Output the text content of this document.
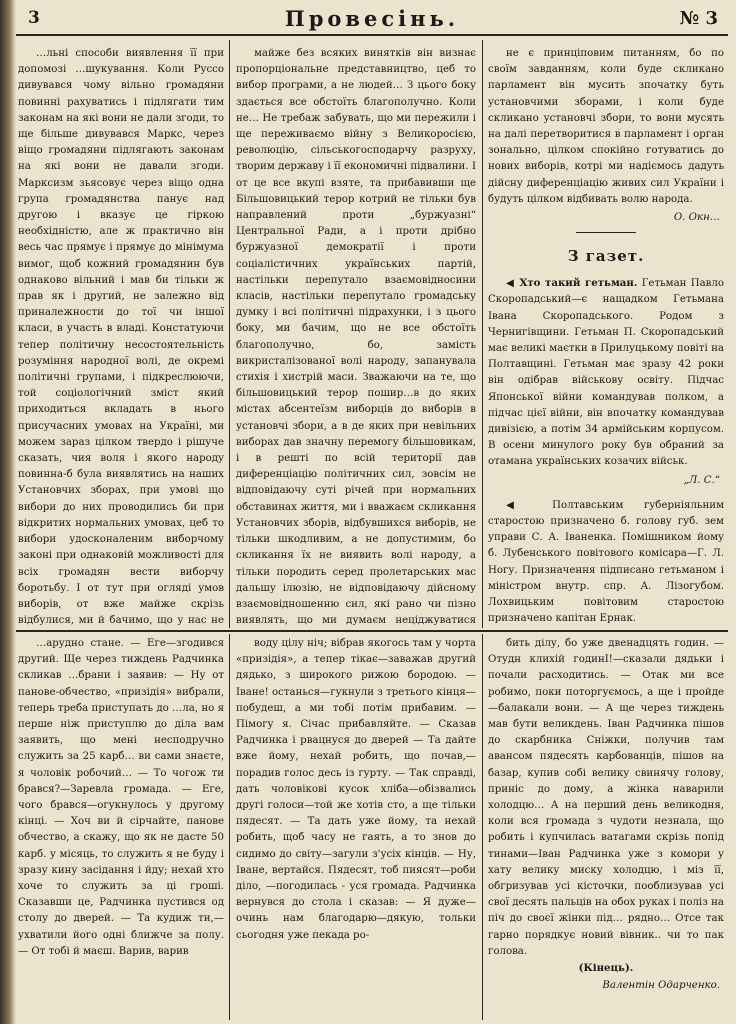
3	Провесінь.	№ 3

…льні способи виявлення її при допомозі …шукування. Коли Руссо дивувався чому вільно громадяни повинні рахуватись і підлягати тим законам на які вони не дали згоди, то ще більше дивувався Маркс, через віщо громадяни підлягають законам на які вони не давали згоди. Марксизм зьясовує через віщо одна група громадянства панує над другою і вказує це гіркою необхідністю, але ж практично він весь час прямує і прямує до мінімума вимог, щоб кожний громадянин був однаково вільний і мав би тільки ж прав як і другий, не залежно від приналежности до тої чи іншої класи, в участь в владі. Констатуючи тепер політичну несостоятельність розуміння народної волі, де окремі політичні групами, і підкреслюючи, той соціологічний зміст який приходиться вкладать в нього присучасних умовах на Україні, ми можем зараз цілком твердо і рішуче сказать, чия воля і якого народу повинна-б була виявлятись на наших Установчих зборах, при умові що вибори до них проводились би при відкритих нормальних умовах, цеб то вибори удосконаленим виборчому законі при однаковій можливості для всіх громадян вести виборчу боротьбу. І от тут при огляді умов виборів, от вже майже скрізь відбулися, ми й бачимо, що у нас не

майже без всяких винятків він визнає пропорціональне представництво, цеб то вибор програми, а не людей… З цього боку здається все обстоїть благополучно. Коли не… Не требаж забувать, що ми пережили і ще переживаємо війну з Великоросією, революцію, сільськогосподарчу разруху, творим державу і її економичні підвалини. І от це все вкупі взяте, та прибавивши ще Більшовицький терор котрий не тільки був направлений проти „буржуазні“ Центральної Ради, а і проти дрібно буржуазної демократії і проти соціалістичних українських партій, настільки перепутало взаємовідносини класів, настільки перепутало громадську думку і всі політичні підрахунки, і з цього боку, ми бачим, що не все обстоїть благополучно, бо, замість викристалізованої волі народу, запанувала стихія і хистрій маси. Зважаючи на те, що більшовицький терор пошир…в до яких містах абсентеїзм виборців до виборів в установчі збори, а в де яких при невільних виборах дав значну перемогу більшовикам, і в решті по всій території дав диференціацію політичних сил, зовсім не відповідаючу суті річей при нормальних обставинах життя, ми і вважаєм скликання Установчих зборів, відбувшихся виборів, не тільки шкодливим, а не допустимим, бо скликання їх не виявить волі народу, а тільки породить серед пролетарських мас дальшу ілюзію, не відповідаючу дійсному взаємовідношенню сил, які рано чи пізно виявлять, що ми думаєм неціджуватися

не є принціповим питанням, бо по своїм завданням, коли буде скликано парламент він мусить зпочатку буть установчими зборами, і коли буде скликано установчі збори, то вони мусять на далі перетворитися в парламент і орган зонально, цілком спокійно готуватись до нових виборів, котрі ми надіємось дадуть дійсну диференціацію живих сил України і будуть цілком відбивать волю народа.

О. Окн…
З газет.

◀ Хто такий гетьман. Гетьман Павло Скоропадський—є нащадком Гетьмана Івана Скоропадського. Родом з Чернигівщини. Гетьман П. Скоропадський має великі маєтки в Прилуцькому повіті на Полтавщині. Гетьман має зразу 42 роки він одібрав військову освіту. Підчас Японської війни командував полком, а підчас цієї війни, він впочатку командував дивізією, а потім 34 армійським корпусом. В осени минулого року був обраний за отамана українських козачих військ.

„Л. С.“

◀ Полтавським губерніяльним старостою призначено б. голову губ. зем управи С. А. Іваненка. Помішником йому б. Лубенського повітового комісара—Г. Л. Ногу. Призначення підписано гетьманом і міністром внутр. спр. А. Лізогубом. Лохвицьким повітовим старостою призначено капітан Ернак.

…арудно стане. — Еге—згодився другий. Ще через тиждень Радчинка скликав …брани і заявив: — Ну от панове-обчество, «призідія» вибрали, теперь треба приступать до …ла, но я перше ніж приступлю до діла вам заявить, що мені несподручно служить за 25 карб… ви сами знаєте, я чоловік робочий… — То чогож ти брався?—Заревла громада. — Еге, чого брався—огукнулось у другому кінці. — Хоч ви й сірчайте, панове обчество, а скажу, що як не дасте 50 карб. у місяць, то служить я не буду і зразу кину засідання і йду; нехай хто хоче то служить за ці гроші. Сказавши це, Радчинка пустився од столу до дверей. — Та кудиж ти,—ухватили його одні ближче за полу. — От тобі й маєш. Варив, варив

воду цілу ніч; вібрав якогось там у чорта «призідія», а тепер тікає—заважав другий дядько, з широкого рижою бородою. — Іване! останься—гукнули з третього кінця—побудеш, а ми тобі потім прибавим. — Пімогу я. Січас прибавляйте. — Сказав Радчинка і рвацнуся до дверей — Та дайте вже йому, нехай робить, що почав,—порадив голос десь із гурту. — Так справді, дать чоловікові кусок хліба—обізвались другі голоси—той же хотів сто, а ще тільки пядесят. — Та дать уже йому, та нехай робить, щоб часу не гаять, а то знов до сидимо до світу—загули з'усіх кінців. — Ну, Іване, вертайся. Пядесят, тоб пиясят—роби діло, —погодилась - уся громада. Радчинка вернувся до стола і сказав: — Я дуже—очинь нам благодарю—дякую, тольки сьогодня уже пекада ро-

бить ділу, бо уже двенадцять годин. — Отудн клихій годинІ!—сказали дядьки і почали расходитись. — Отак ми все робимо, поки поторгуємось, а ще і пройде—балакали вони. — А ще через тиждень мав бути великдень. Іван Радчинка пішов до скарбника Сніжки, получив там авансом пядесять карбованців, пішов на базар, купив собі велику свинячу голову, приніс до дому, а жінка наварили холодцю… А на перший день великодня, коли вся громада з чудоти незнала, що робить і купчилась ватагами скрізь попід тинами—Іван Радчинка уже з комори у хату велику миску холодцю, і міз її, обгризував усі кісточки, пооблизував усі свої десять пальців на обох руках і поліз на піч до своєї жінки під… рядно… Отсе так гарно порядкує новий вівник.. чи то пак голова.

(Кінець).
Валентін Одарченко.
